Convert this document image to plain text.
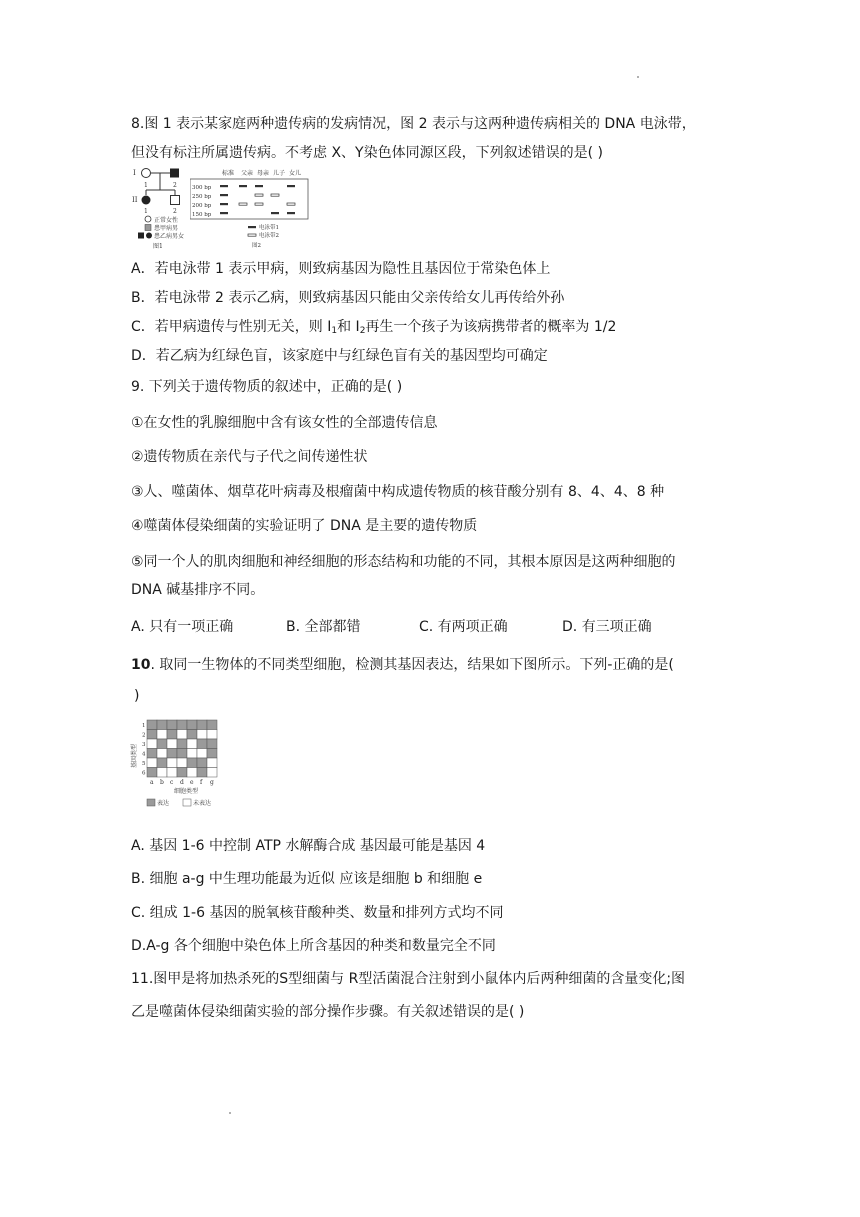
8.图 1 表示某家庭两种遗传病的发病情况，图 2 表示与这两种遗传病相关的 DNA 电泳带，
但没有标注所属遗传病。不考虑 X、Y染色体同源区段，下列叙述错误的是( )
I
1	2
II
1	2
正常女性
患甲病男
患乙病男女
图1
标准 父亲 母亲 儿子 女儿
300 bp
250 bp
200 bp
150 bp
电泳带1
电泳带2
图2
A．若电泳带 1 表示甲病，则致病基因为隐性且基因位于常染色体上
B．若电泳带 2 表示乙病，则致病基因只能由父亲传给女儿再传给外孙
C．若甲病遗传与性别无关，则 $I_1$和 $I_2$再生一个孩子为该病携带者的概率为 1/2
D．若乙病为红绿色盲，该家庭中与红绿色盲有关的基因型均可确定
9. 下列关于遗传物质的叙述中，正确的是( )
①在女性的乳腺细胞中含有该女性的全部遗传信息
②遗传物质在亲代与子代之间传递性状
③人、噬菌体、烟草花叶病毒及根瘤菌中构成遗传物质的核苷酸分别有 8、4、4、8 种
④噬菌体侵染细菌的实验证明了 DNA 是主要的遗传物质
⑤同一个人的肌肉细胞和神经细胞的形态结构和功能的不同，其根本原因是这两种细胞的
DNA 碱基排序不同。
A. 只有一项正确	B. 全部都错	C. 有两项正确	D. 有三项正确
10. 取同一生物体的不同类型细胞，检测其基因表达，结果如下图所示。下列-正确的是(
)
基因类型
1
2
3
4
5
6
a b c d e f g
细胞类型
表达	未表达
A. 基因 1-6 中控制 ATP 水解酶合成 基因最可能是基因 4
B. 细胞 a-g 中生理功能最为近似 应该是细胞 b 和细胞 e
C. 组成 1-6 基因的脱氧核苷酸种类、数量和排列方式均不同
D.A-g 各个细胞中染色体上所含基因的种类和数量完全不同
11.图甲是将加热杀死的S型细菌与 R型活菌混合注射到小鼠体内后两种细菌的含量变化;图
乙是噬菌体侵染细菌实验的部分操作步骤。有关叙述错误的是( )
